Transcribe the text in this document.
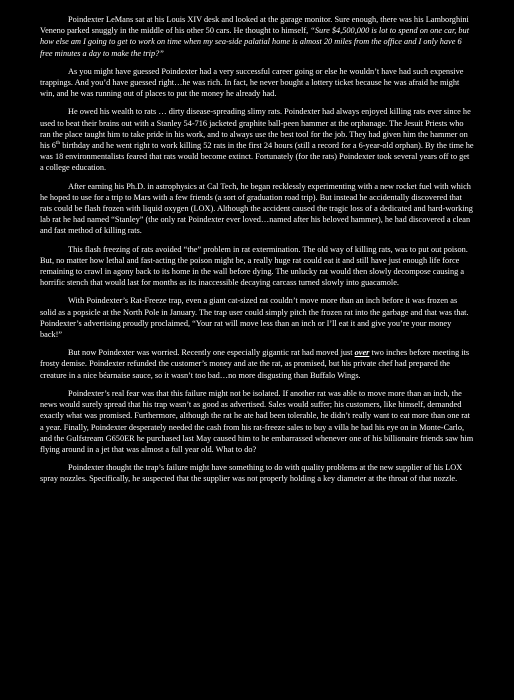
Poindexter LeMans sat at his Louis XIV desk and looked at the garage monitor. Sure enough, there was his Lamborghini Veneno parked snuggly in the middle of his other 50 cars. He thought to himself, “Sure $4,500,000 is lot to spend on one car, but how else am I going to get to work on time when my sea-side palatial home is almost 20 miles from the office and I only have 6 free minutes a day to make the trip?”

As you might have guessed Poindexter had a very successful career going or else he wouldn’t have had such expensive trappings. And you’d have guessed right…he was rich. In fact, he never bought a lottery ticket because he was afraid he might win, and he was running out of places to put the money he already had.

He owed his wealth to rats … dirty disease-spreading slimy rats. Poindexter had always enjoyed killing rats ever since he used to beat their brains out with a Stanley 54-716 jacketed graphite ball-peen hammer at the orphanage. The Jesuit Priests who ran the place taught him to take pride in his work, and to always use the best tool for the job. They had given him the hammer on his 6th birthday and he went right to work killing 52 rats in the first 24 hours (still a record for a 6-year-old orphan). By the time he was 18 environmentalists feared that rats would become extinct. Fortunately (for the rats) Poindexter took several years off to get a college education.

After earning his Ph.D. in astrophysics at Cal Tech, he began recklessly experimenting with a new rocket fuel with which he hoped to use for a trip to Mars with a few friends (a sort of graduation road trip). But instead he accidentally discovered that rats could be flash frozen with liquid oxygen (LOX). Although the accident caused the tragic loss of a dedicated and hard-working lab rat he had named “Stanley” (the only rat Poindexter ever loved…named after his beloved hammer), he had discovered a clean and fast method of killing rats.

This flash freezing of rats avoided “the” problem in rat extermination. The old way of killing rats, was to put out poison. But, no matter how lethal and fast-acting the poison might be, a really huge rat could eat it and still have just enough life force remaining to crawl in agony back to its home in the wall before dying. The unlucky rat would then slowly decompose causing a horrific stench that would last for months as its inaccessible decaying carcass turned slowly into guacamole.

With Poindexter’s Rat-Freeze trap, even a giant cat-sized rat couldn’t move more than an inch before it was frozen as solid as a popsicle at the North Pole in January. The trap user could simply pitch the frozen rat into the garbage and that was that. Poindexter’s advertising proudly proclaimed, “Your rat will move less than an inch or I’ll eat it and give you’re your money back!”

But now Poindexter was worried. Recently one especially gigantic rat had moved just over two inches before meeting its frosty demise. Poindexter refunded the customer’s money and ate the rat, as promised, but his private chef had prepared the creature in a nice béarnaise sauce, so it wasn’t too bad…no more disgusting than Buffalo Wings.

Poindexter’s real fear was that this failure might not be isolated. If another rat was able to move more than an inch, the news would surely spread that his trap wasn’t as good as advertised. Sales would suffer; his customers, like himself, demanded exactly what was promised. Furthermore, although the rat he ate had been tolerable, he didn’t really want to eat more than one rat a year. Finally, Poindexter desperately needed the cash from his rat-freeze sales to buy a villa he had his eye on in Monte-Carlo, and the Gulfstream G650ER he purchased last May caused him to be embarrassed whenever one of his billionaire friends saw him flying around in a jet that was almost a full year old. What to do?

Poindexter thought the trap’s failure might have something to do with quality problems at the new supplier of his LOX spray nozzles. Specifically, he suspected that the supplier was not properly holding a key diameter at the throat of that nozzle.
